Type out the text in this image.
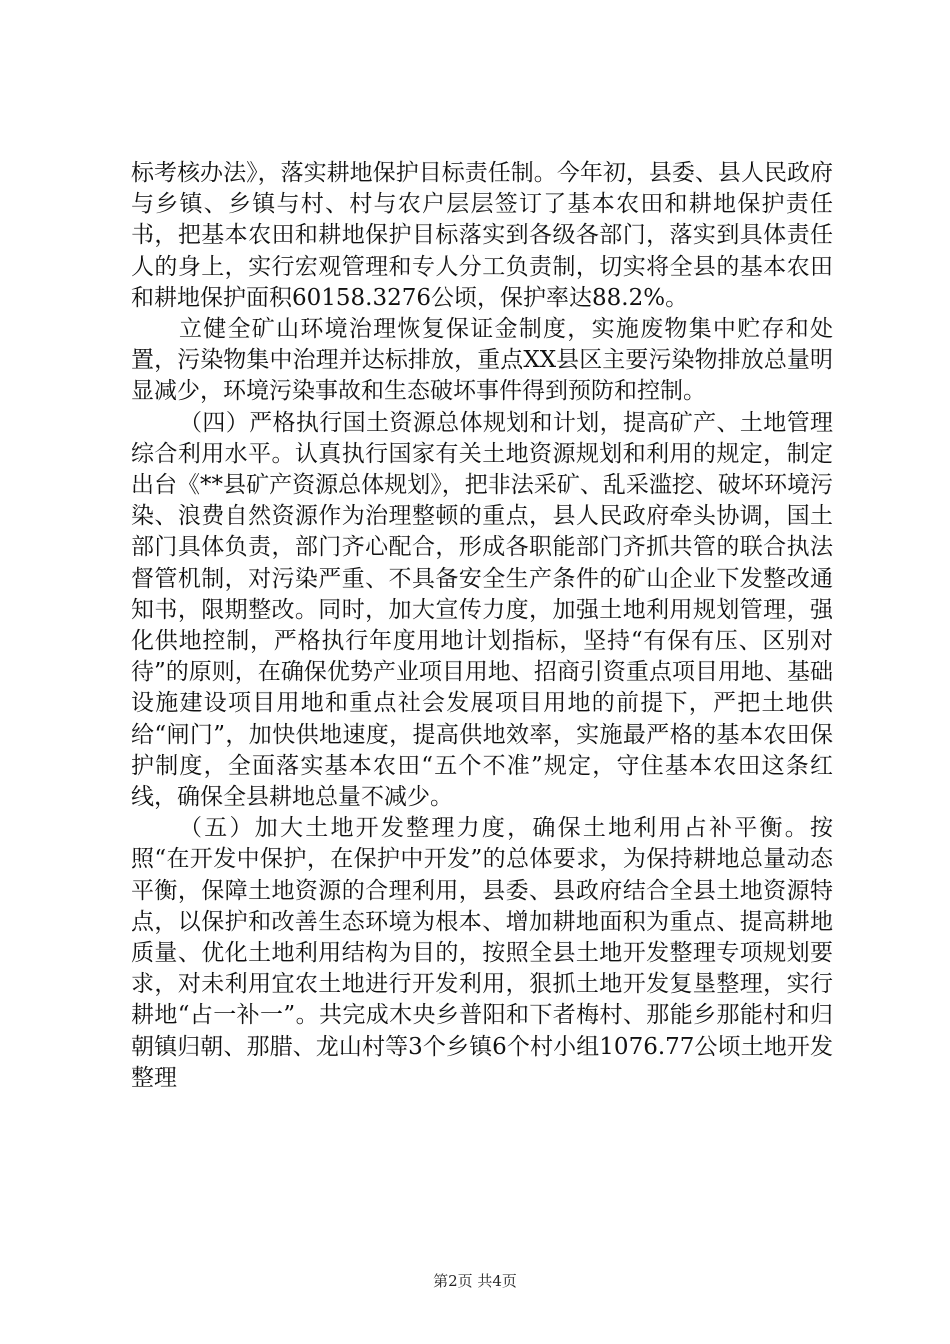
标考核办法》，落实耕地保护目标责任制。今年初，县委、县人民政府与乡镇、乡镇与村、村与农户层层签订了基本农田和耕地保护责任书，把基本农田和耕地保护目标落实到各级各部门，落实到具体责任人的身上，实行宏观管理和专人分工负责制，切实将全县的基本农田和耕地保护面积60158.3276公顷，保护率达88.2%。

立健全矿山环境治理恢复保证金制度，实施废物集中贮存和处置，污染物集中治理并达标排放，重点XX县区主要污染物排放总量明显减少，环境污染事故和生态破坏事件得到预防和控制。

（四）严格执行国土资源总体规划和计划，提高矿产、土地管理综合利用水平。认真执行国家有关土地资源规划和利用的规定，制定出台《**县矿产资源总体规划》，把非法采矿、乱采滥挖、破坏环境污染、浪费自然资源作为治理整顿的重点，县人民政府牵头协调，国土部门具体负责，部门齐心配合，形成各职能部门齐抓共管的联合执法督管机制，对污染严重、不具备安全生产条件的矿山企业下发整改通知书，限期整改。同时，加大宣传力度，加强土地利用规划管理，强化供地控制，严格执行年度用地计划指标，坚持“有保有压、区别对待”的原则，在确保优势产业项目用地、招商引资重点项目用地、基础设施建设项目用地和重点社会发展项目用地的前提下，严把土地供给“闸门”，加快供地速度，提高供地效率，实施最严格的基本农田保护制度，全面落实基本农田“五个不准”规定，守住基本农田这条红线，确保全县耕地总量不减少。

（五）加大土地开发整理力度，确保土地利用占补平衡。按照“在开发中保护，在保护中开发”的总体要求，为保持耕地总量动态平衡，保障土地资源的合理利用，县委、县政府结合全县土地资源特点，以保护和改善生态环境为根本、增加耕地面积为重点、提高耕地质量、优化土地利用结构为目的，按照全县土地开发整理专项规划要求，对未利用宜农土地进行开发利用，狠抓土地开发复垦整理，实行耕地“占一补一”。共完成木央乡普阳和下者梅村、那能乡那能村和归朝镇归朝、那腊、龙山村等3个乡镇6个村小组1076.77公顷土地开发整理

第2页 共4页
